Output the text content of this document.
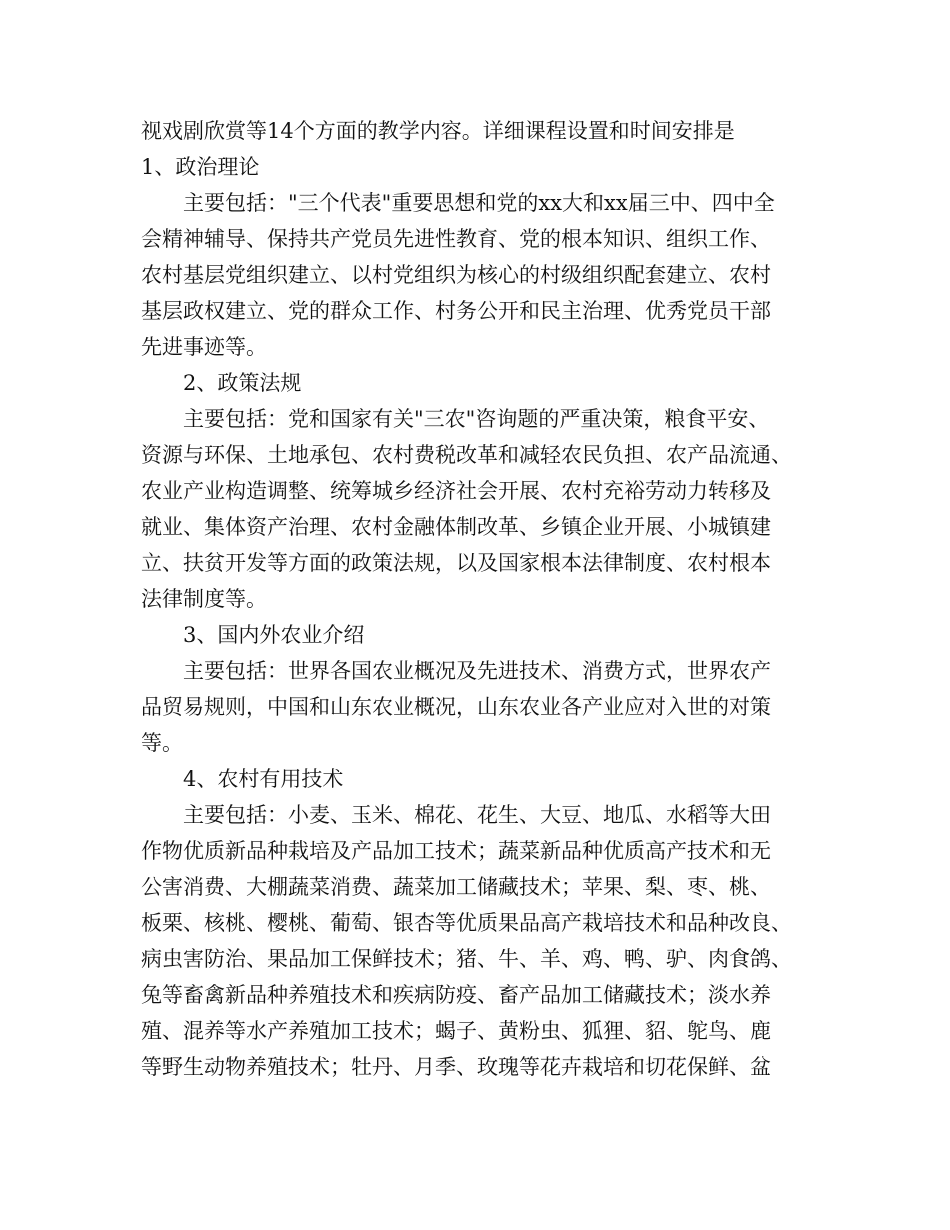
视戏剧欣赏等14个方面的教学内容。详细课程设置和时间安排是
1、政治理论
主要包括："三个代表"重要思想和党的xx大和xx届三中、四中全
会精神辅导、保持共产党员先进性教育、党的根本知识、组织工作、
农村基层党组织建立、以村党组织为核心的村级组织配套建立、农村
基层政权建立、党的群众工作、村务公开和民主治理、优秀党员干部
先进事迹等。
2、政策法规
主要包括：党和国家有关"三农"咨询题的严重决策，粮食平安、
资源与环保、土地承包、农村费税改革和减轻农民负担、农产品流通、
农业产业构造调整、统筹城乡经济社会开展、农村充裕劳动力转移及
就业、集体资产治理、农村金融体制改革、乡镇企业开展、小城镇建
立、扶贫开发等方面的政策法规，以及国家根本法律制度、农村根本
法律制度等。
3、国内外农业介绍
主要包括：世界各国农业概况及先进技术、消费方式，世界农产
品贸易规则，中国和山东农业概况，山东农业各产业应对入世的对策
等。
4、农村有用技术
主要包括：小麦、玉米、棉花、花生、大豆、地瓜、水稻等大田
作物优质新品种栽培及产品加工技术；蔬菜新品种优质高产技术和无
公害消费、大棚蔬菜消费、蔬菜加工储藏技术；苹果、梨、枣、桃、
板栗、核桃、樱桃、葡萄、银杏等优质果品高产栽培技术和品种改良、
病虫害防治、果品加工保鲜技术；猪、牛、羊、鸡、鸭、驴、肉食鸽、
兔等畜禽新品种养殖技术和疾病防疫、畜产品加工储藏技术；淡水养
殖、混养等水产养殖加工技术；蝎子、黄粉虫、狐狸、貂、鸵鸟、鹿
等野生动物养殖技术；牡丹、月季、玫瑰等花卉栽培和切花保鲜、盆
